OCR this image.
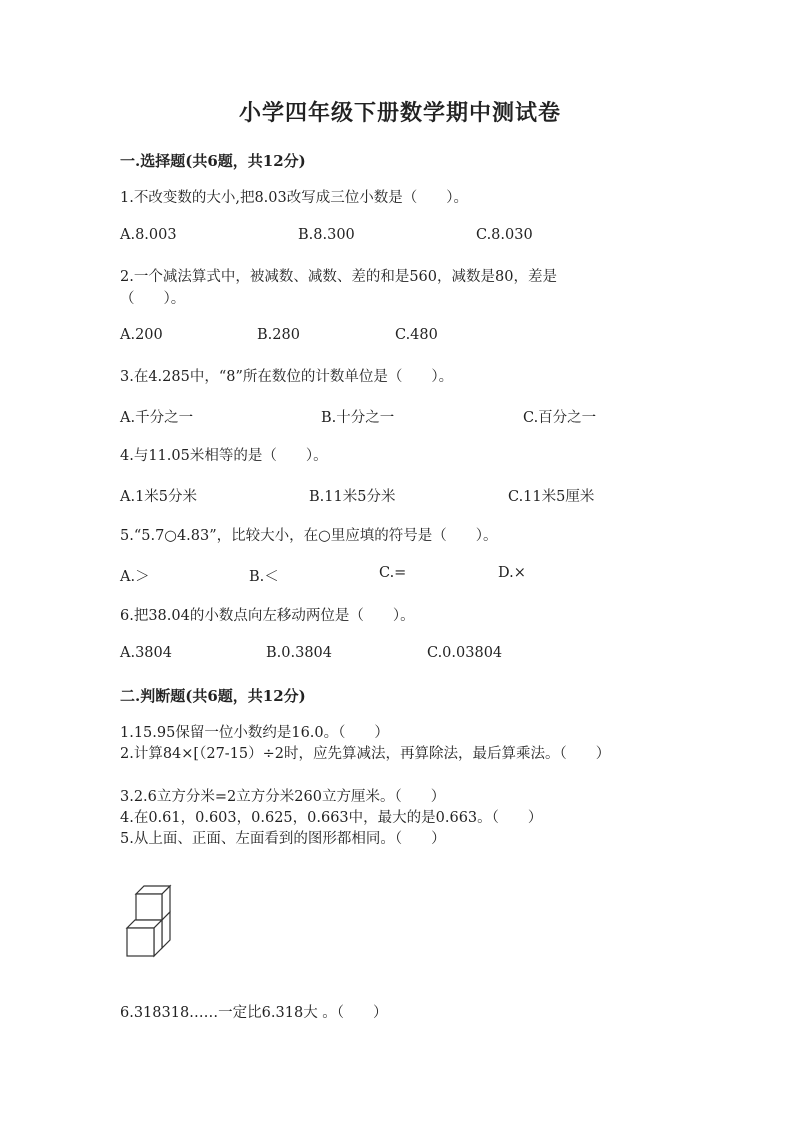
小学四年级下册数学期中测试卷
一.选择题(共6题，共12分)
1.不改变数的大小,把8.03改写成三位小数是（　　）。
A.8.003	B.8.300	C.8.030
2.一个减法算式中，被减数、减数、差的和是560，减数是80，差是（　　）。
A.200	B.280	C.480
3.在4.285中，“8”所在数位的计数单位是（　　）。
A.千分之一	B.十分之一	C.百分之一
4.与11.05米相等的是（　　）。
A.1米5分米	B.11米5分米	C.11米5厘米
5.“5.7○4.83”，比较大小，在○里应填的符号是（　　）。
A.＞	B.＜	C.=	D.×
6.把38.04的小数点向左移动两位是（　　）。
A.3804	B.0.3804	C.0.03804
二.判断题(共6题，共12分)
1.15.95保留一位小数约是16.0。（　　）
2.计算84×[（27-15）÷2时，应先算减法，再算除法，最后算乘法。（　　）
3.2.6立方分米=2立方分米260立方厘米。（　　）
4.在0.61，0.603，0.625，0.663中，最大的是0.663。（　　）
5.从上面、正面、左面看到的图形都相同。（　　）
6.318318……一定比6.318大 。（　　）
